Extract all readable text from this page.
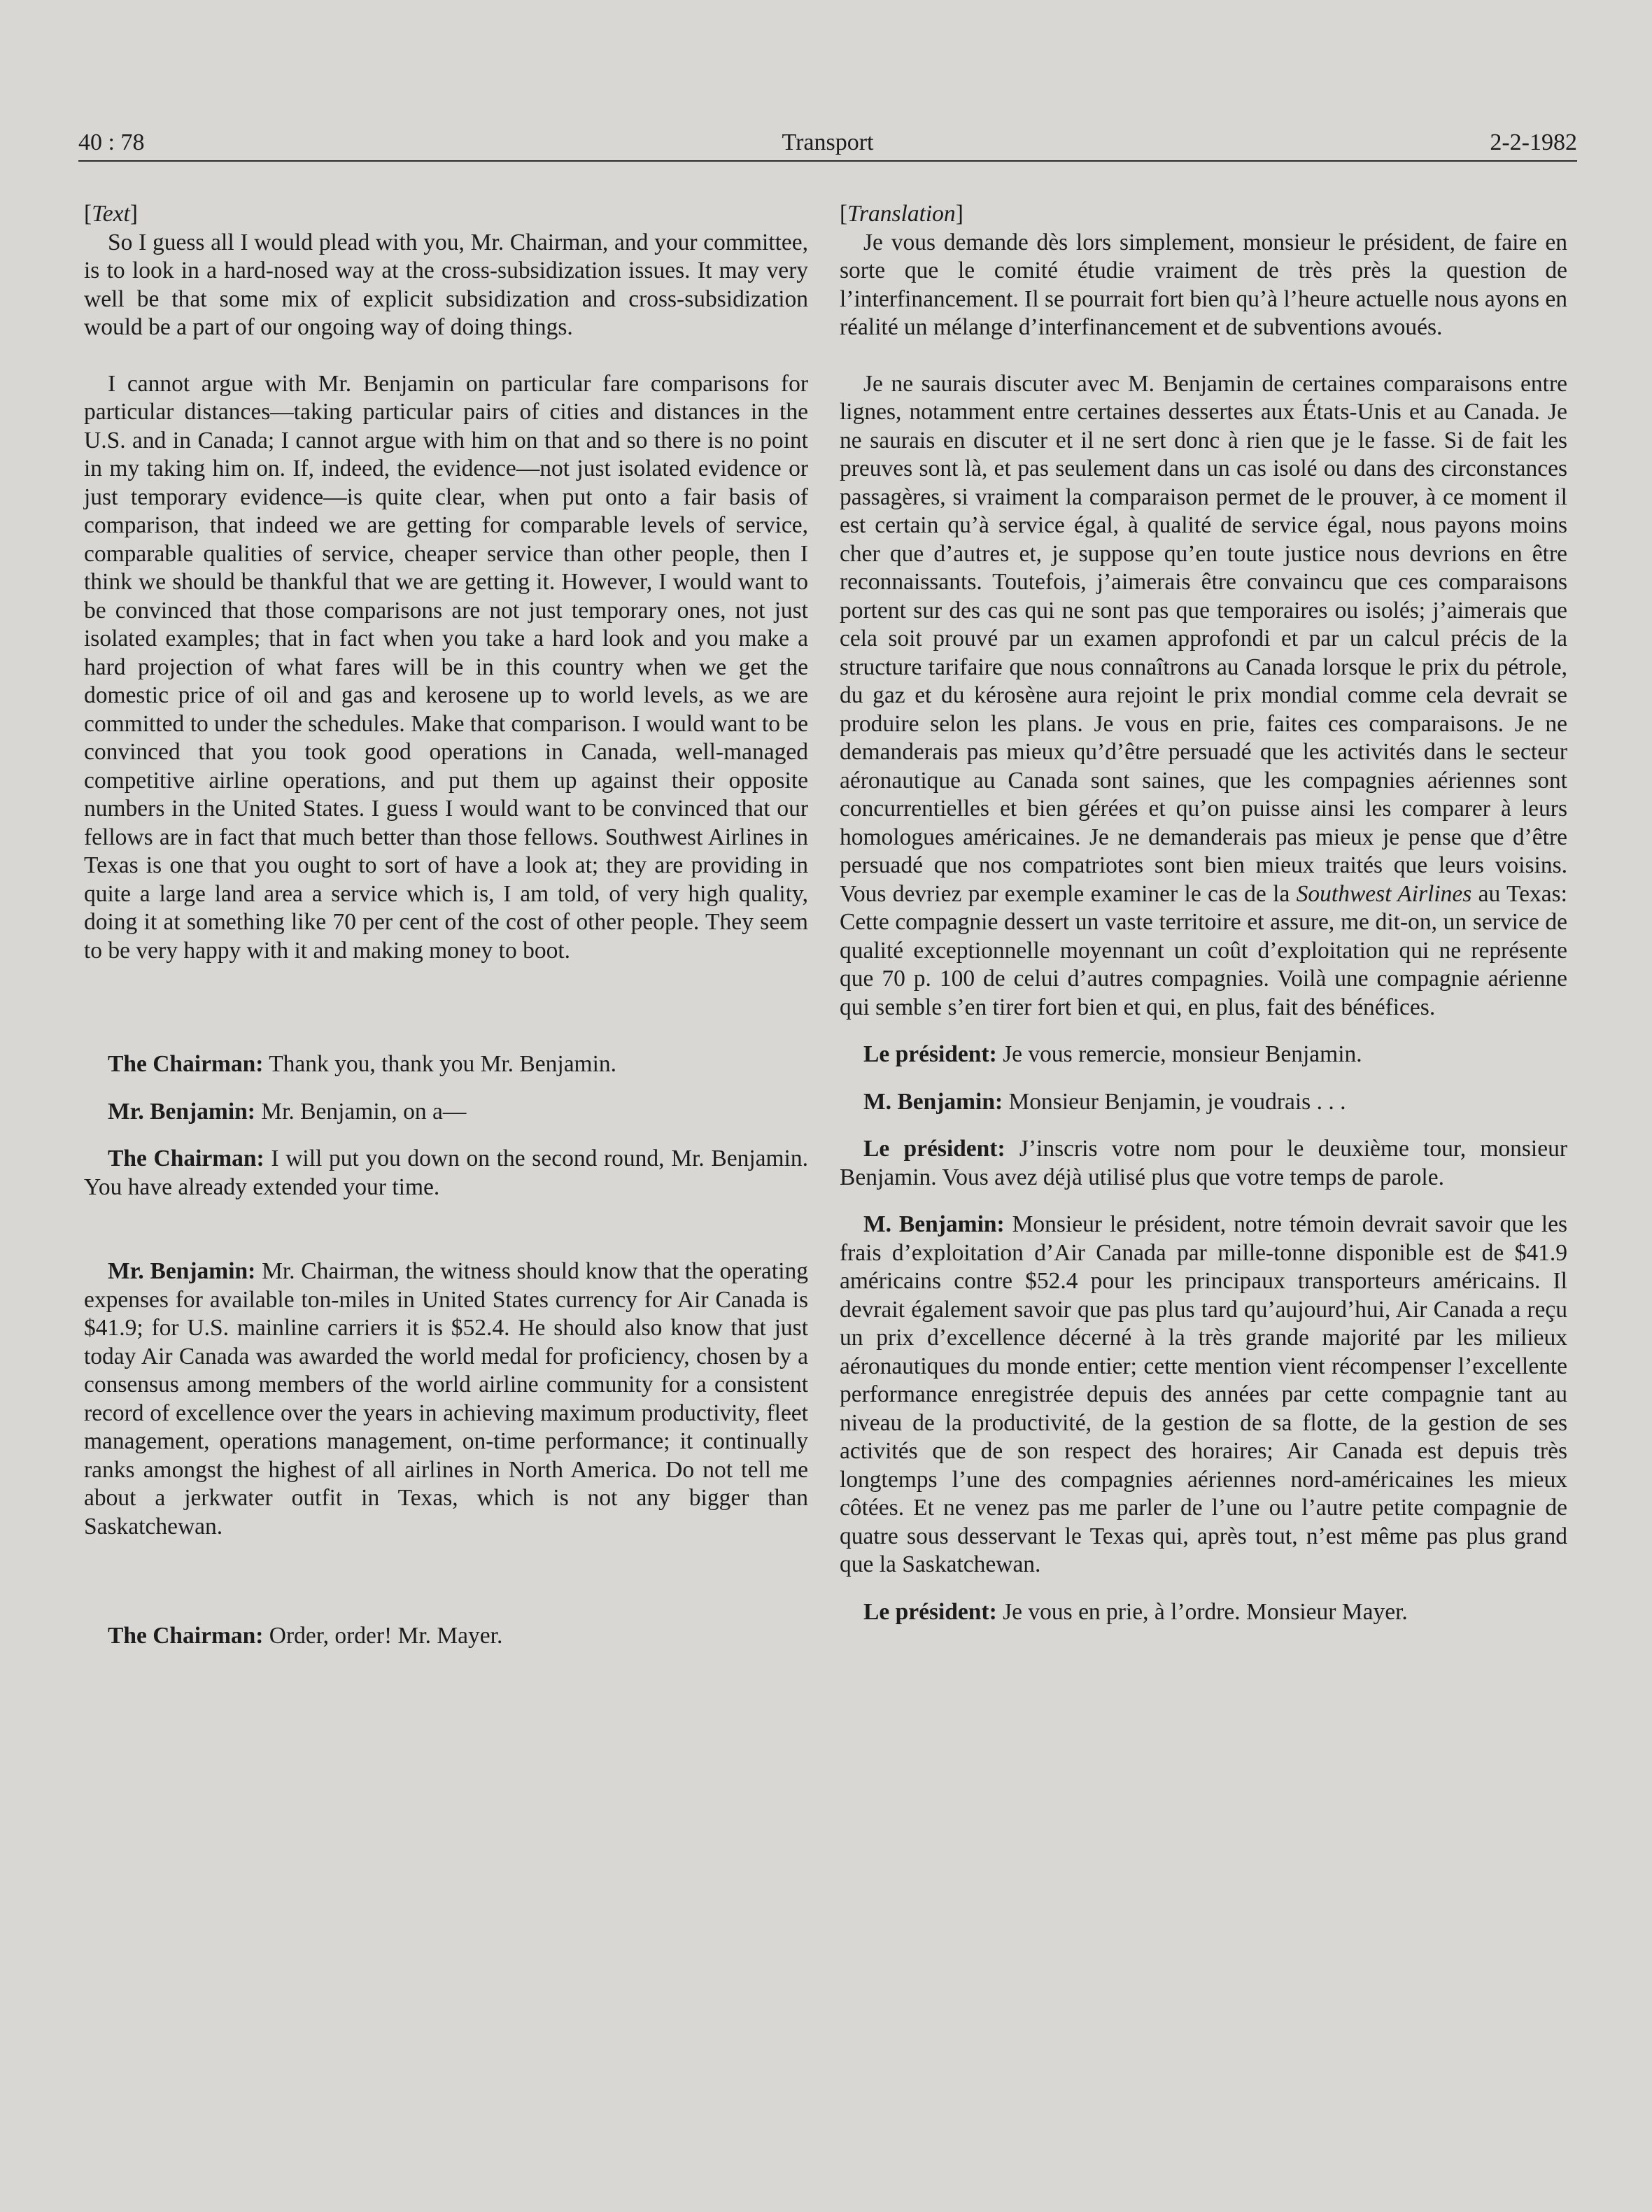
40 : 78	Transport	2-2-1982

[Text]

So I guess all I would plead with you, Mr. Chairman, and your committee, is to look in a hard-nosed way at the cross-subsidization issues. It may very well be that some mix of explicit subsidization and cross-subsidization would be a part of our ongoing way of doing things.

I cannot argue with Mr. Benjamin on particular fare comparisons for particular distances—taking particular pairs of cities and distances in the U.S. and in Canada; I cannot argue with him on that and so there is no point in my taking him on. If, indeed, the evidence—not just isolated evidence or just temporary evidence—is quite clear, when put onto a fair basis of comparison, that indeed we are getting for comparable levels of service, comparable qualities of service, cheaper service than other people, then I think we should be thankful that we are getting it. However, I would want to be convinced that those comparisons are not just temporary ones, not just isolated examples; that in fact when you take a hard look and you make a hard projection of what fares will be in this country when we get the domestic price of oil and gas and kerosene up to world levels, as we are committed to under the schedules. Make that comparison. I would want to be convinced that you took good operations in Canada, well-managed competitive airline operations, and put them up against their opposite numbers in the United States. I guess I would want to be convinced that our fellows are in fact that much better than those fellows. Southwest Airlines in Texas is one that you ought to sort of have a look at; they are providing in quite a large land area a service which is, I am told, of very high quality, doing it at something like 70 per cent of the cost of other people. They seem to be very happy with it and making money to boot.

The Chairman: Thank you, thank you Mr. Benjamin.

Mr. Benjamin: Mr. Benjamin, on a—

The Chairman: I will put you down on the second round, Mr. Benjamin. You have already extended your time.

Mr. Benjamin: Mr. Chairman, the witness should know that the operating expenses for available ton-miles in United States currency for Air Canada is $41.9; for U.S. mainline carriers it is $52.4. He should also know that just today Air Canada was awarded the world medal for proficiency, chosen by a consensus among members of the world airline community for a consistent record of excellence over the years in achieving maximum productivity, fleet management, operations management, on-time performance; it continually ranks amongst the highest of all airlines in North America. Do not tell me about a jerkwater outfit in Texas, which is not any bigger than Saskatchewan.

The Chairman: Order, order! Mr. Mayer.

[Translation]

Je vous demande dès lors simplement, monsieur le président, de faire en sorte que le comité étudie vraiment de très près la question de l’interfinancement. Il se pourrait fort bien qu’à l’heure actuelle nous ayons en réalité un mélange d’interfinancement et de subventions avoués.

Je ne saurais discuter avec M. Benjamin de certaines comparaisons entre lignes, notamment entre certaines dessertes aux États-Unis et au Canada. Je ne saurais en discuter et il ne sert donc à rien que je le fasse. Si de fait les preuves sont là, et pas seulement dans un cas isolé ou dans des circonstances passagères, si vraiment la comparaison permet de le prouver, à ce moment il est certain qu’à service égal, à qualité de service égal, nous payons moins cher que d’autres et, je suppose qu’en toute justice nous devrions en être reconnaissants. Toutefois, j’aimerais être convaincu que ces comparaisons portent sur des cas qui ne sont pas que temporaires ou isolés; j’aimerais que cela soit prouvé par un examen approfondi et par un calcul précis de la structure tarifaire que nous connaîtrons au Canada lorsque le prix du pétrole, du gaz et du kérosène aura rejoint le prix mondial comme cela devrait se produire selon les plans. Je vous en prie, faites ces comparaisons. Je ne demanderais pas mieux qu’d’être persuadé que les activités dans le secteur aéronautique au Canada sont saines, que les compagnies aériennes sont concurrentielles et bien gérées et qu’on puisse ainsi les comparer à leurs homologues américaines. Je ne demanderais pas mieux je pense que d’être persuadé que nos compatriotes sont bien mieux traités que leurs voisins. Vous devriez par exemple examiner le cas de la Southwest Airlines au Texas: Cette compagnie dessert un vaste territoire et assure, me dit-on, un service de qualité exceptionnelle moyennant un coût d’exploitation qui ne représente que 70 p. 100 de celui d’autres compagnies. Voilà une compagnie aérienne qui semble s’en tirer fort bien et qui, en plus, fait des bénéfices.

Le président: Je vous remercie, monsieur Benjamin.

M. Benjamin: Monsieur Benjamin, je voudrais . . .

Le président: J’inscris votre nom pour le deuxième tour, monsieur Benjamin. Vous avez déjà utilisé plus que votre temps de parole.

M. Benjamin: Monsieur le président, notre témoin devrait savoir que les frais d’exploitation d’Air Canada par mille-tonne disponible est de $41.9 américains contre $52.4 pour les principaux transporteurs américains. Il devrait également savoir que pas plus tard qu’aujourd’hui, Air Canada a reçu un prix d’excellence décerné à la très grande majorité par les milieux aéronautiques du monde entier; cette mention vient récompenser l’excellente performance enregistrée depuis des années par cette compagnie tant au niveau de la productivité, de la gestion de sa flotte, de la gestion de ses activités que de son respect des horaires; Air Canada est depuis très longtemps l’une des compagnies aériennes nord-américaines les mieux côtées. Et ne venez pas me parler de l’une ou l’autre petite compagnie de quatre sous desservant le Texas qui, après tout, n’est même pas plus grand que la Saskatchewan.

Le président: Je vous en prie, à l’ordre. Monsieur Mayer.
